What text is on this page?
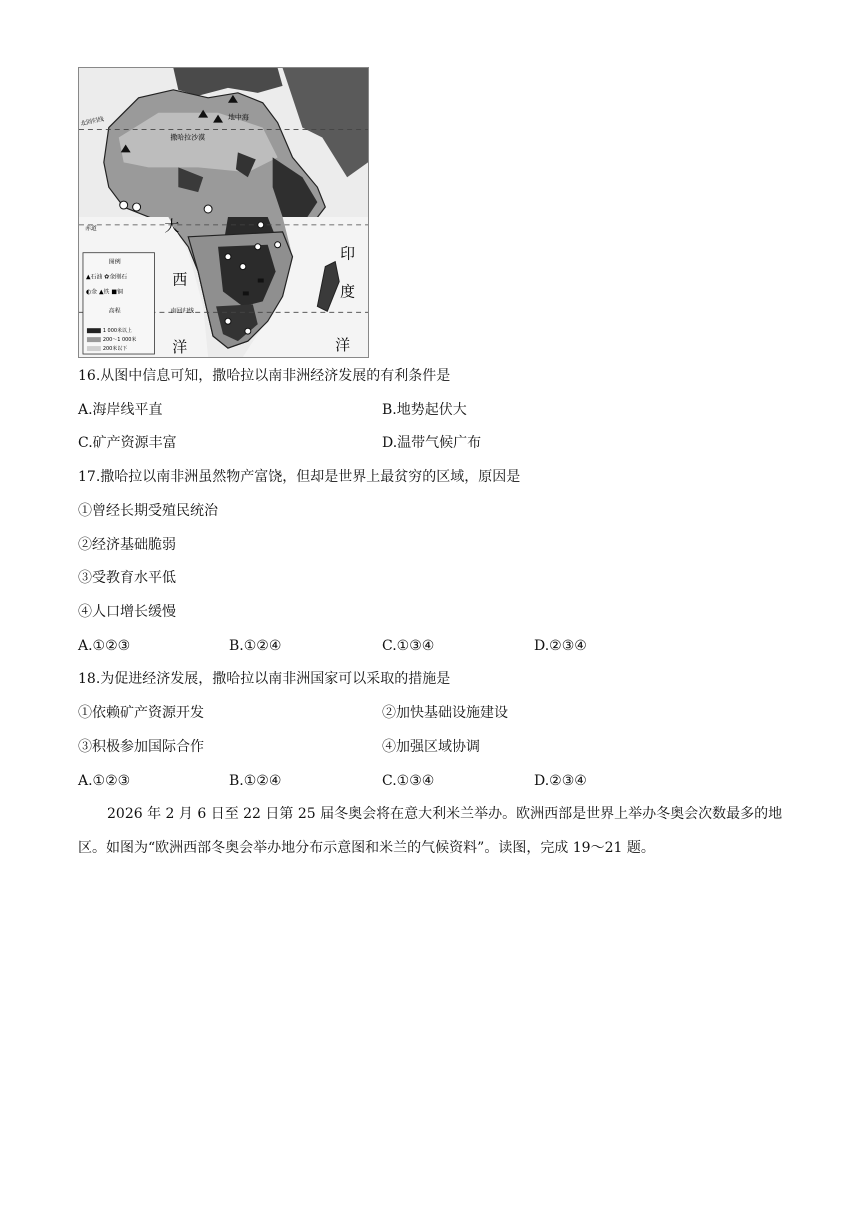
地中海
撒哈拉沙漠
北回归线
赤道
南回归线
大
西
洋
印
度
洋
图例
▲石油 ✿金刚石
◐金 ▲铁 ■铜
高程
1 000米以上
200～1 000米
200米以下
16.从图中信息可知，撒哈拉以南非洲经济发展的有利条件是
A.海岸线平直	B.地势起伏大
C.矿产资源丰富	D.温带气候广布
17.撒哈拉以南非洲虽然物产富饶，但却是世界上最贫穷的区域，原因是
①曾经长期受殖民统治
②经济基础脆弱
③受教育水平低
④人口增长缓慢
A.①②③	B.①②④	C.①③④	D.②③④
18.为促进经济发展，撒哈拉以南非洲国家可以采取的措施是
①依赖矿产资源开发	②加快基础设施建设
③积极参加国际合作	④加强区域协调
A.①②③	B.①②④	C.①③④	D.②③④
2026 年 2 月 6 日至 22 日第 25 届冬奥会将在意大利米兰举办。欧洲西部是世界上举办冬奥会次数最多的地区。如图为“欧洲西部冬奥会举办地分布示意图和米兰的气候资料”。读图，完成 19～21 题。
